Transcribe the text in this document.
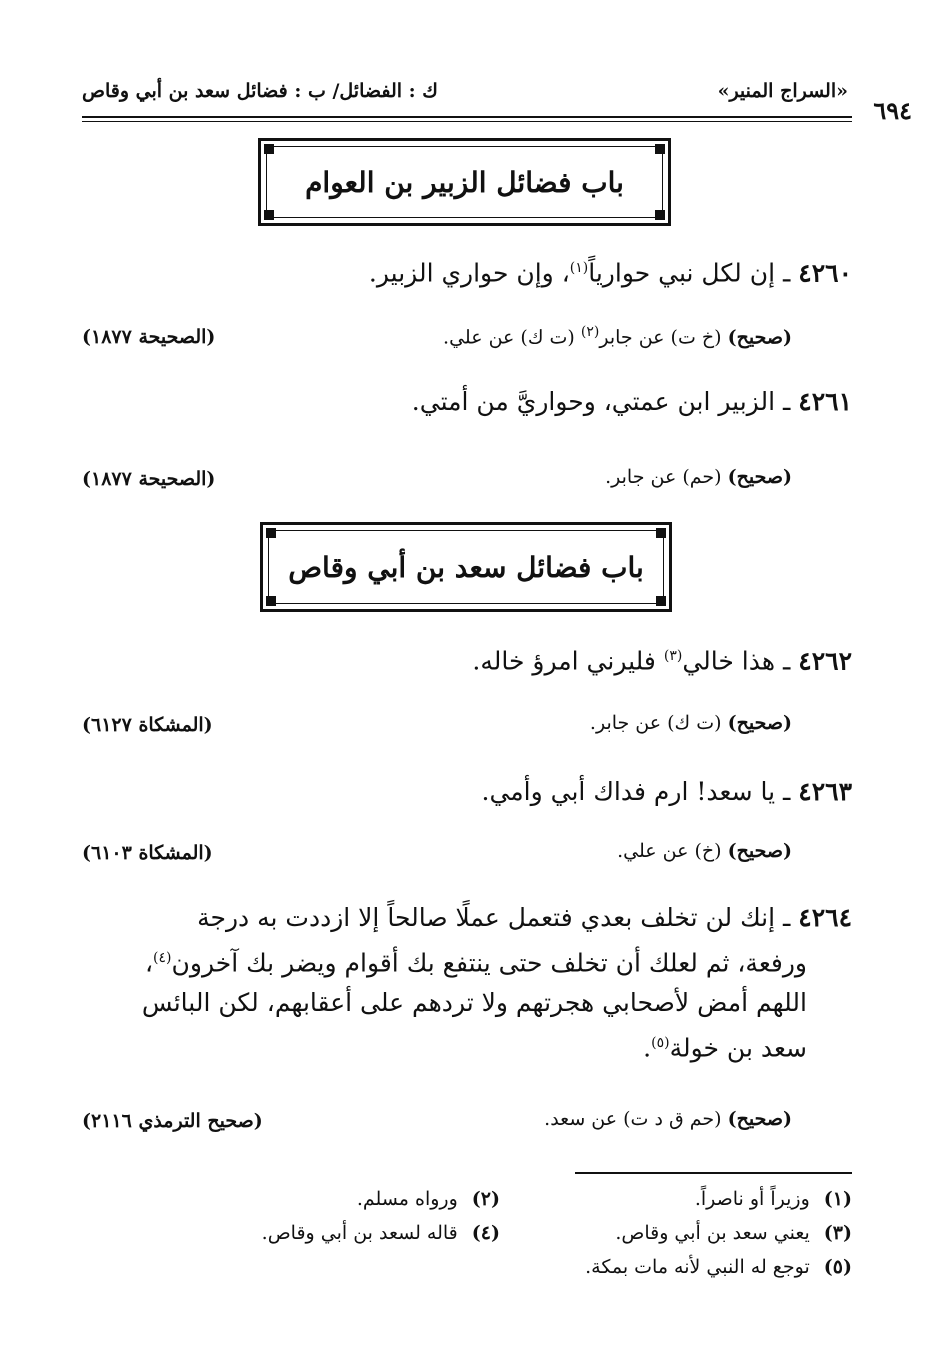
«السراج المنير»
ك : الفضائل/ ب : فضائل سعد بن أبي وقاص
٦٩٤
باب فضائل الزبير بن العوام
٤٢٦٠ ـ إن لكل نبي حوارياً$^{(١)}$، وإن حواري الزبير.
(صحيح) (خ ت) عن جابر$^{(٢)}$ (ت ك) عن علي.
(الصحيحة ١٨٧٧)
٤٢٦١ ـ الزبير ابن عمتي، وحواريَّ من أمتي.
(صحيح) (حم) عن جابر.
(الصحيحة ١٨٧٧)
باب فضائل سعد بن أبي وقاص
٤٢٦٢ ـ هذا خالي$^{(٣)}$ فليرني امرؤ خاله.
(صحيح) (ت ك) عن جابر.
(المشكاة ٦١٢٧)
٤٢٦٣ ـ يا سعد! ارم فداك أبي وأمي.
(صحيح) (خ) عن علي.
(المشكاة ٦١٠٣)
٤٢٦٤ ـ إنك لن تخلف بعدي فتعمل عملًا صالحاً إلا ازددت به درجة
ورفعة، ثم لعلك أن تخلف حتى ينتفع بك أقوام ويضر بك آخرون$^{(٤)}$،
اللهم أمض لأصحابي هجرتهم ولا تردهم على أعقابهم، لكن البائس
سعد بن خولة$^{(٥)}$.
(صحيح) (حم ق د ت) عن سعد.
(صحيح الترمذي ٢١١٦)
(١)وزيراً أو ناصراً.
(٢)ورواه مسلم.
(٣)يعني سعد بن أبي وقاص.
(٤)قاله لسعد بن أبي وقاص.
(٥)توجع له النبي لأنه مات بمكة.
